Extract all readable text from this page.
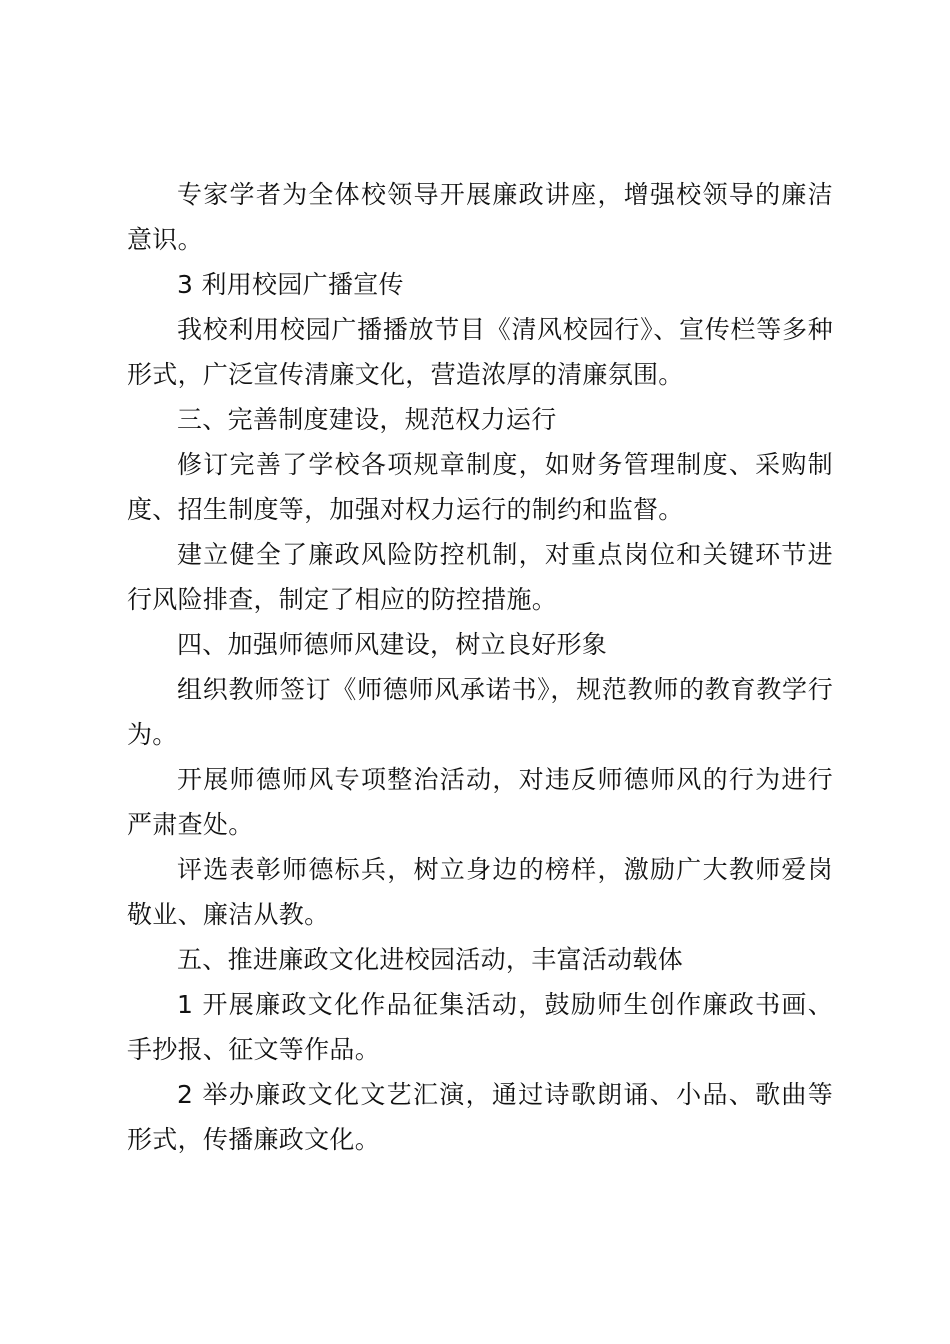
专家学者为全体校领导开展廉政讲座，增强校领导的廉洁意识。

3 利用校园广播宣传

我校利用校园广播播放节目《清风校园行》、宣传栏等多种形式，广泛宣传清廉文化，营造浓厚的清廉氛围。

三、完善制度建设，规范权力运行

修订完善了学校各项规章制度，如财务管理制度、采购制度、招生制度等，加强对权力运行的制约和监督。

建立健全了廉政风险防控机制，对重点岗位和关键环节进行风险排查，制定了相应的防控措施。

四、加强师德师风建设，树立良好形象

组织教师签订《师德师风承诺书》，规范教师的教育教学行为。

开展师德师风专项整治活动，对违反师德师风的行为进行严肃查处。

评选表彰师德标兵，树立身边的榜样，激励广大教师爱岗敬业、廉洁从教。

五、推进廉政文化进校园活动，丰富活动载体

1 开展廉政文化作品征集活动，鼓励师生创作廉政书画、手抄报、征文等作品。

2 举办廉政文化文艺汇演，通过诗歌朗诵、小品、歌曲等形式，传播廉政文化。
